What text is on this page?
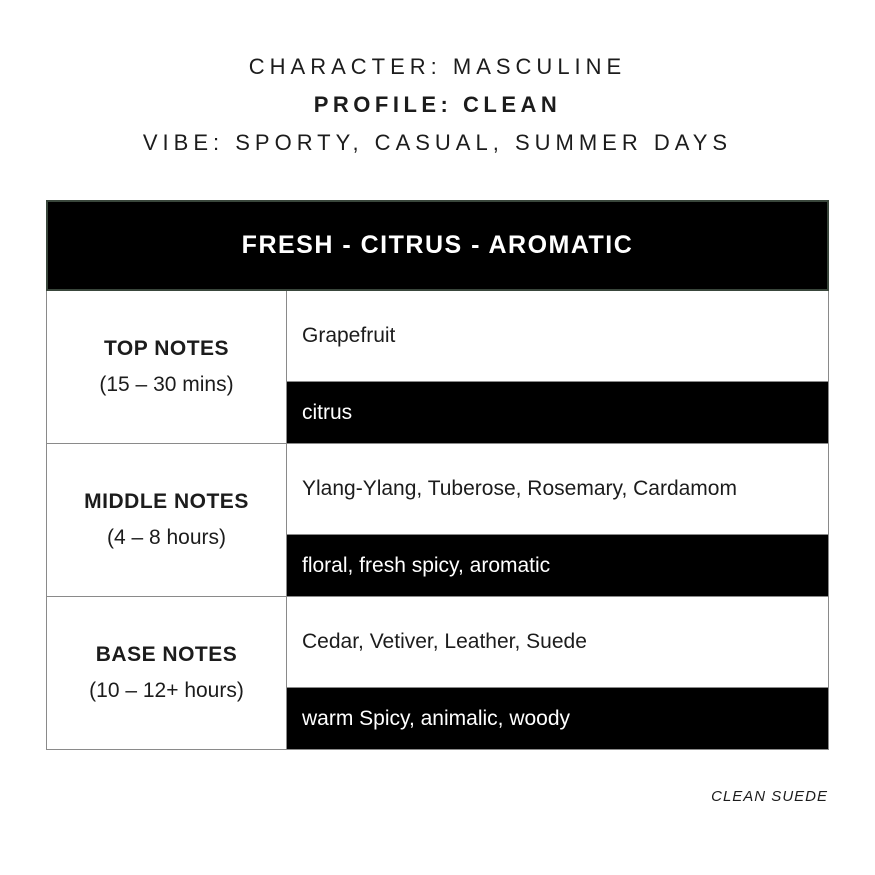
CHARACTER: MASCULINE
PROFILE: CLEAN
VIBE: SPORTY, CASUAL, SUMMER DAYS
FRESH - CITRUS - AROMATIC
TOP NOTES
(15 – 30 mins)
Grapefruit
citrus
MIDDLE NOTES
(4 – 8 hours)
Ylang-Ylang, Tuberose, Rosemary, Cardamom
floral, fresh spicy, aromatic
BASE NOTES
(10 – 12+ hours)
Cedar, Vetiver, Leather, Suede
warm Spicy, animalic, woody
CLEAN SUEDE
